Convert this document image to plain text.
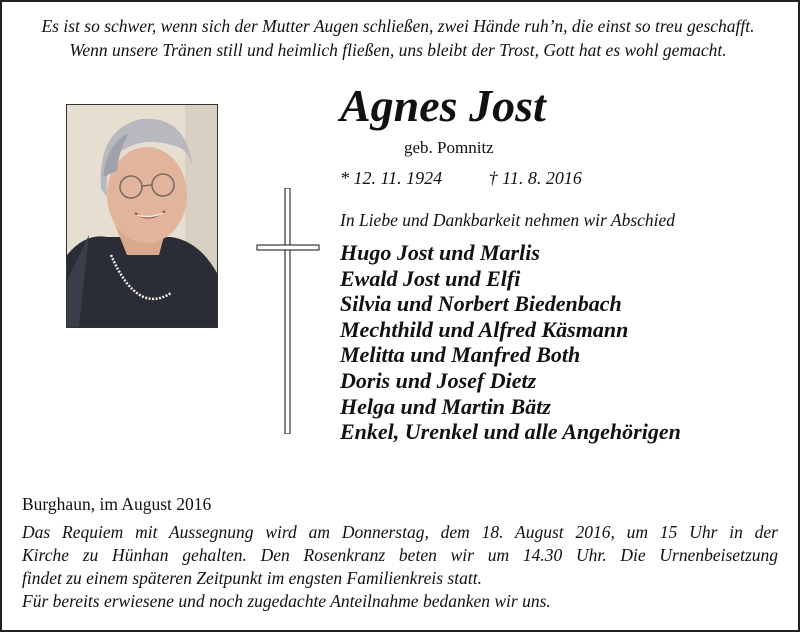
Es ist so schwer, wenn sich der Mutter Augen schließen, zwei Hände ruh’n, die einst so treu geschafft.
Wenn unsere Tränen still und heimlich fließen, uns bleibt der Trost, Gott hat es wohl gemacht.
Agnes Jost
geb. Pomnitz
* 12. 11. 1924	† 11. 8. 2016
In Liebe und Dankbarkeit nehmen wir Abschied
Hugo Jost und Marlis
Ewald Jost und Elfi
Silvia und Norbert Biedenbach
Mechthild und Alfred Käsmann
Melitta und Manfred Both
Doris und Josef Dietz
Helga und Martin Bätz
Enkel, Urenkel und alle Angehörigen
Burghaun, im August 2016
Das Requiem mit Aussegnung wird am Donnerstag, dem 18. August 2016, um 15 Uhr in der
Kirche zu Hünhan gehalten. Den Rosenkranz beten wir um 14.30 Uhr. Die Urnenbeisetzung
findet zu einem späteren Zeitpunkt im engsten Familienkreis statt.
Für bereits erwiesene und noch zugedachte Anteilnahme bedanken wir uns.
